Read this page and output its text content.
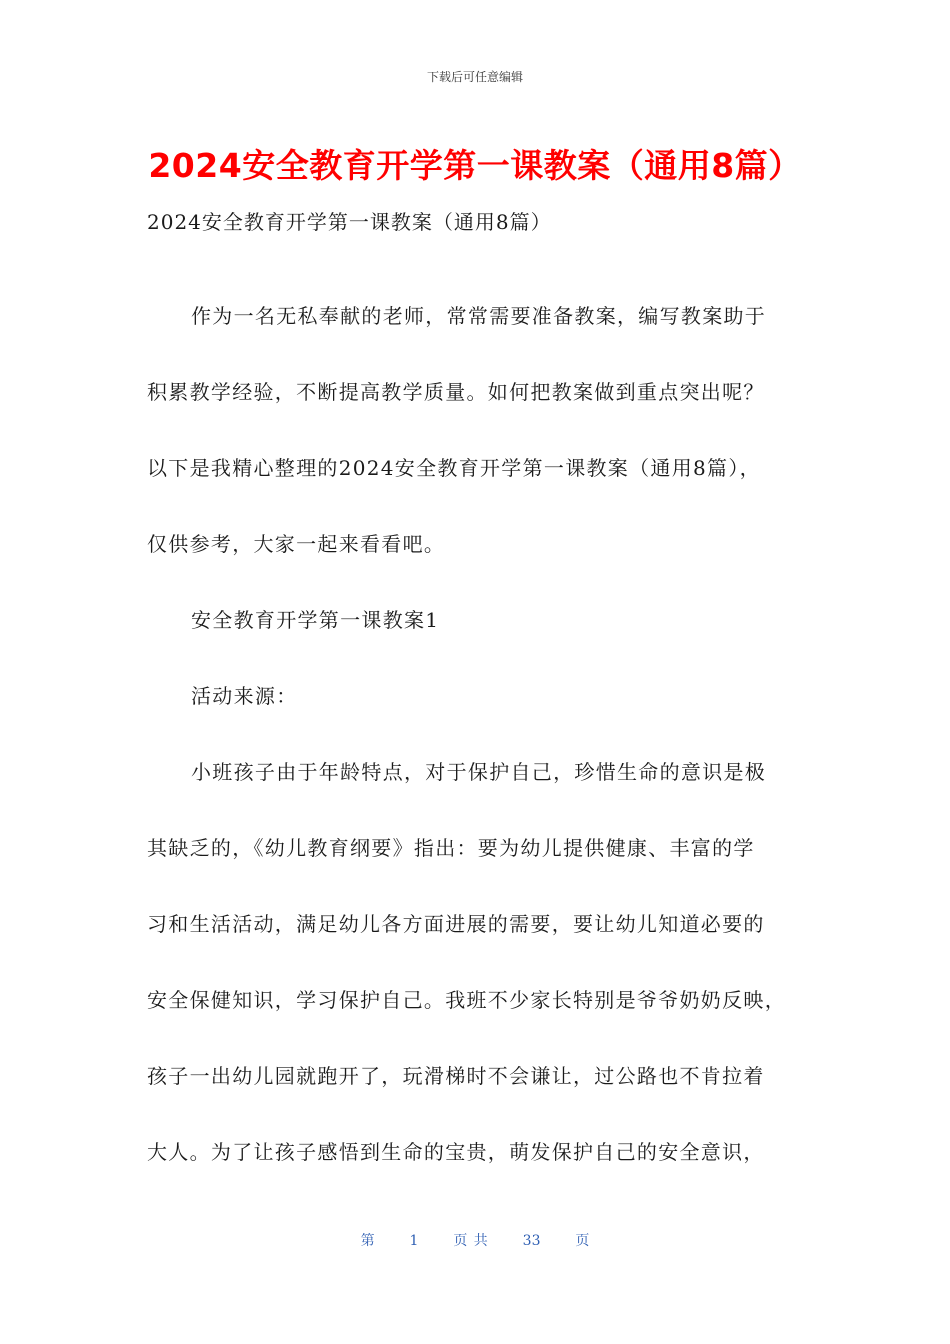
下载后可任意编辑
2024安全教育开学第一课教案（通用8篇）

2024安全教育开学第一课教案（通用8篇）

作为一名无私奉献的老师，常常需要准备教案，编写教案助于

积累教学经验，不断提高教学质量。如何把教案做到重点突出呢？

以下是我精心整理的2024安全教育开学第一课教案（通用8篇），

仅供参考，大家一起来看看吧。

安全教育开学第一课教案1

活动来源：

小班孩子由于年龄特点，对于保护自己，珍惜生命的意识是极

其缺乏的，《幼儿教育纲要》指出：要为幼儿提供健康、丰富的学

习和生活活动，满足幼儿各方面进展的需要，要让幼儿知道必要的

安全保健知识，学习保护自己。我班不少家长特别是爷爷奶奶反映，

孩子一出幼儿园就跑开了，玩滑梯时不会谦让，过公路也不肯拉着

大人。为了让孩子感悟到生命的宝贵，萌发保护自己的安全意识，

第 1 页 共 33 页
